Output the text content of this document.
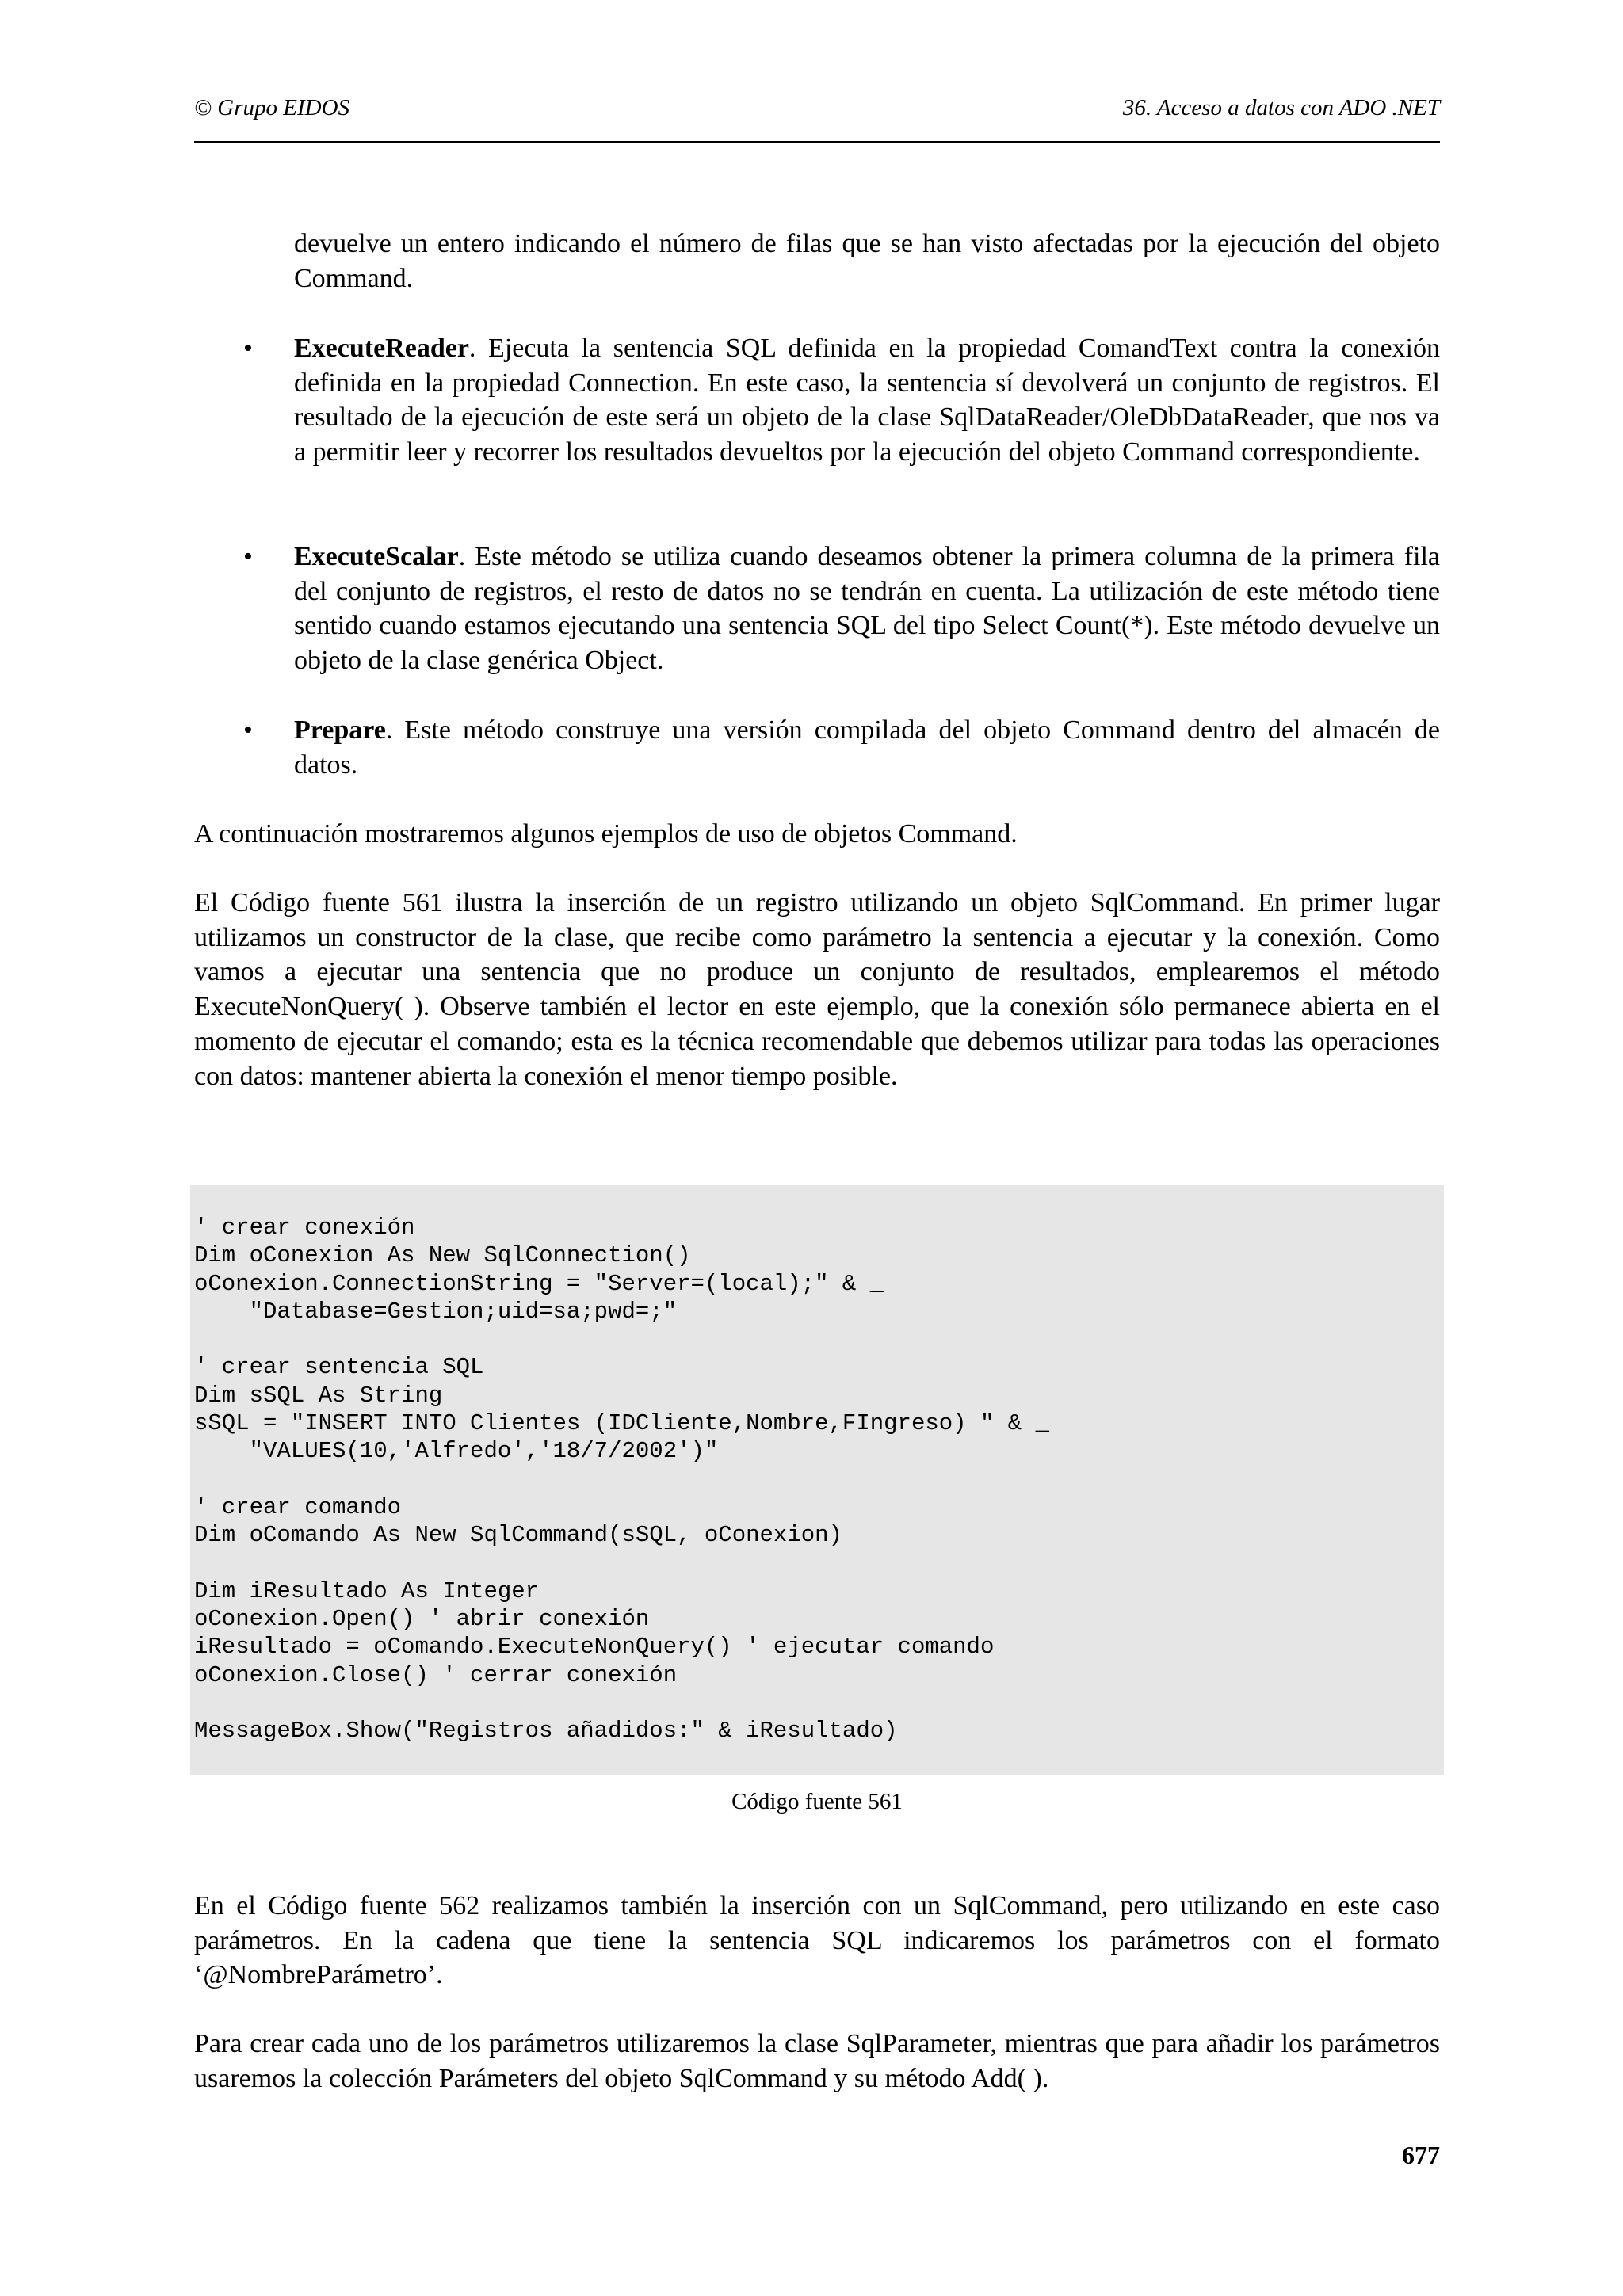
© Grupo EIDOS	36. Acceso a datos con ADO .NET

devuelve un entero indicando el número de filas que se han visto afectadas por la ejecución del objeto Command.

• ExecuteReader. Ejecuta la sentencia SQL definida en la propiedad ComandText contra la conexión definida en la propiedad Connection. En este caso, la sentencia sí devolverá un conjunto de registros. El resultado de la ejecución de este será un objeto de la clase SqlDataReader/OleDbDataReader, que nos va a permitir leer y recorrer los resultados devueltos por la ejecución del objeto Command correspondiente.

• ExecuteScalar. Este método se utiliza cuando deseamos obtener la primera columna de la primera fila del conjunto de registros, el resto de datos no se tendrán en cuenta. La utilización de este método tiene sentido cuando estamos ejecutando una sentencia SQL del tipo Select Count(*). Este método devuelve un objeto de la clase genérica Object.

• Prepare. Este método construye una versión compilada del objeto Command dentro del almacén de datos.

A continuación mostraremos algunos ejemplos de uso de objetos Command.

El Código fuente 561 ilustra la inserción de un registro utilizando un objeto SqlCommand. En primer lugar utilizamos un constructor de la clase, que recibe como parámetro la sentencia a ejecutar y la conexión. Como vamos a ejecutar una sentencia que no produce un conjunto de resultados, emplearemos el método ExecuteNonQuery( ). Observe también el lector en este ejemplo, que la conexión sólo permanece abierta en el momento de ejecutar el comando; esta es la técnica recomendable que debemos utilizar para todas las operaciones con datos: mantener abierta la conexión el menor tiempo posible.

' crear conexión
Dim oConexion As New SqlConnection()
oConexion.ConnectionString = "Server=(local);" & _
"Database=Gestion;uid=sa;pwd=;"

' crear sentencia SQL
Dim sSQL As String
sSQL = "INSERT INTO Clientes (IDCliente,Nombre,FIngreso) " & _
"VALUES(10,'Alfredo','18/7/2002')"

' crear comando
Dim oComando As New SqlCommand(sSQL, oConexion)

Dim iResultado As Integer
oConexion.Open() ' abrir conexión
iResultado = oComando.ExecuteNonQuery() ' ejecutar comando
oConexion.Close() ' cerrar conexión

MessageBox.Show("Registros añadidos:" & iResultado)
Código fuente 561

En el Código fuente 562 realizamos también la inserción con un SqlCommand, pero utilizando en este caso parámetros. En la cadena que tiene la sentencia SQL indicaremos los parámetros con el formato ‘@NombreParámetro’.

Para crear cada uno de los parámetros utilizaremos la clase SqlParameter, mientras que para añadir los parámetros usaremos la colección Parámeters del objeto SqlCommand y su método Add( ).

677
